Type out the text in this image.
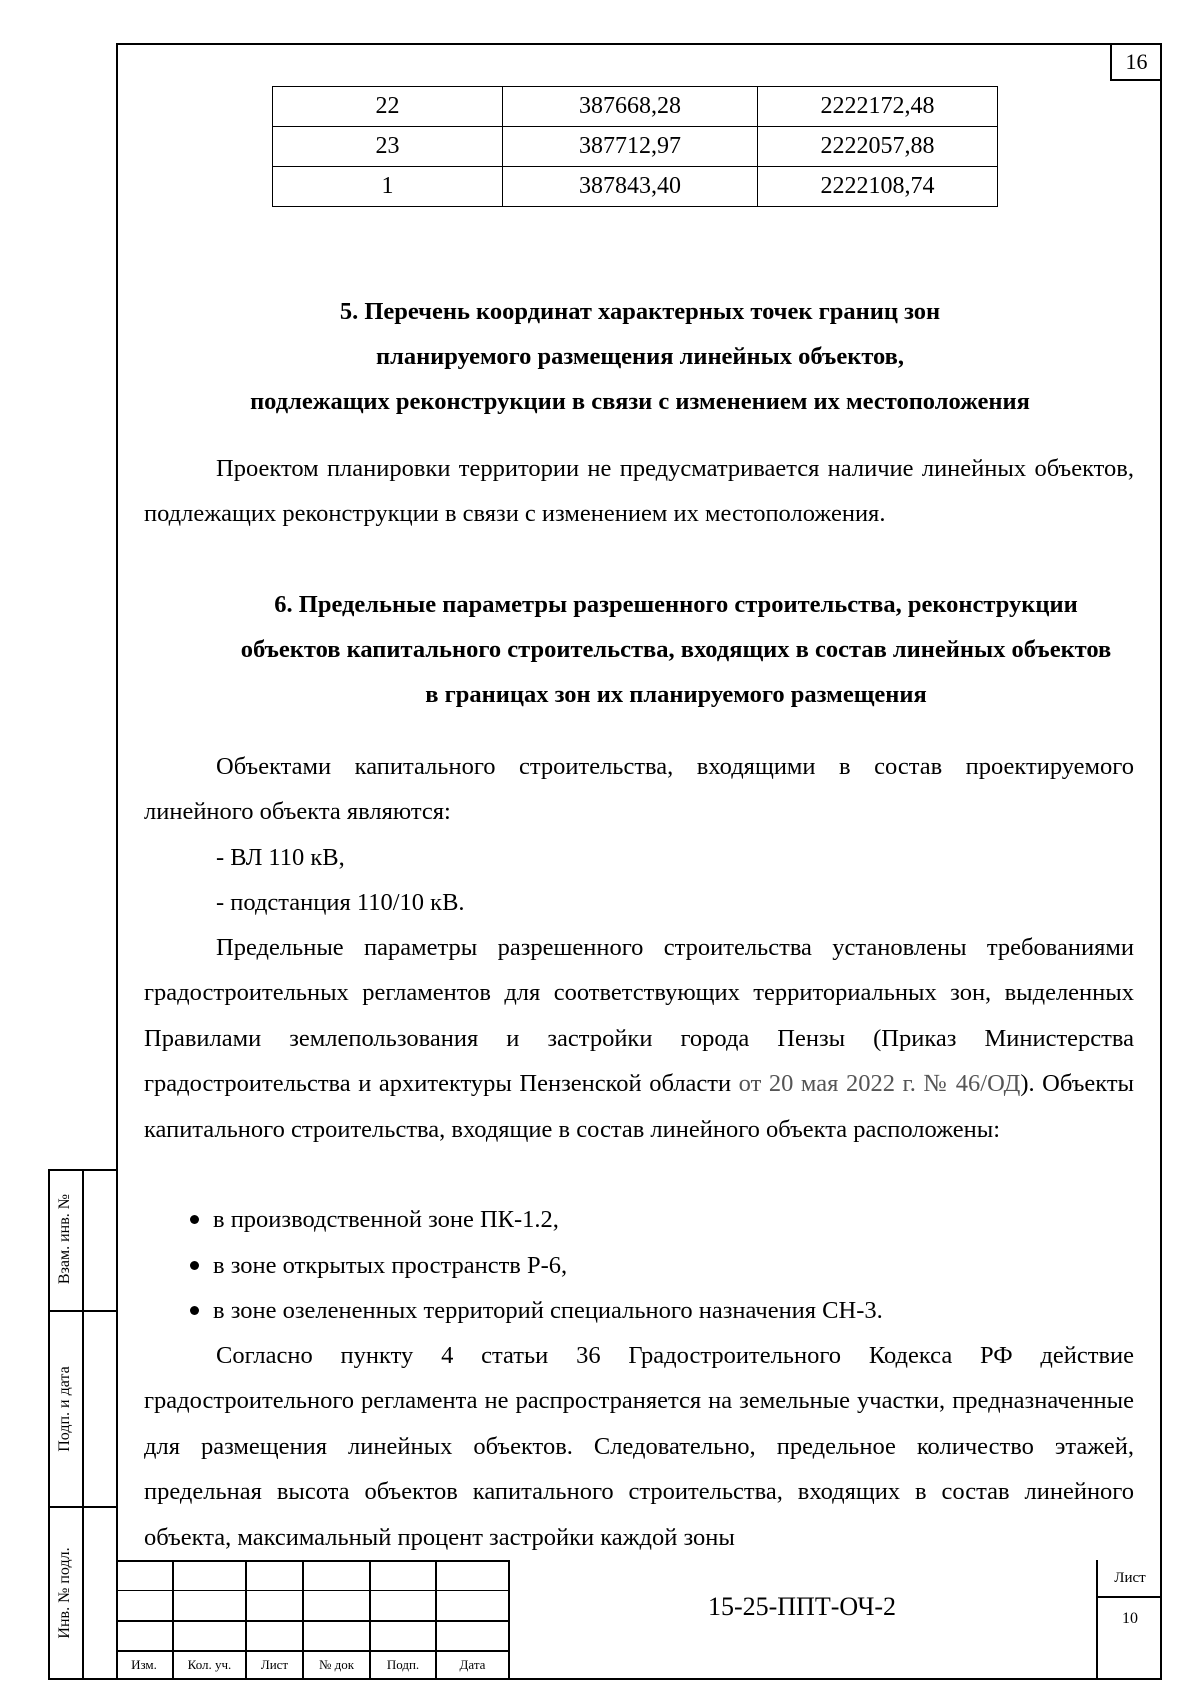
16
22	387668,28	2222172,48
23	387712,97	2222057,88
1	387843,40	2222108,74
5. Перечень координат характерных точек границ зон
планируемого размещения линейных объектов,
подлежащих реконструкции в связи с изменением их местоположения
Проектом планировки территории не предусматривается наличие линейных объектов, подлежащих реконструкции в связи с изменением их местоположения.
6. Предельные параметры разрешенного строительства, реконструкции
объектов капитального строительства, входящих в состав линейных объектов
в границах зон их планируемого размещения
Объектами капитального строительства, входящими в состав проектируемого линейного объекта являются:
- ВЛ 110 кВ,
- подстанция 110/10 кВ.
Предельные параметры разрешенного строительства установлены требованиями градостроительных регламентов для соответствующих территориальных зон, выделенных Правилами землепользования и застройки города Пензы (Приказ Министерства градостроительства и архитектуры Пензенской области от 20 мая 2022 г. № 46/ОД). Объекты капитального строительства, входящие в состав линейного объекта расположены:
в производственной зоне ПК-1.2,
в зоне открытых пространств Р-6,
в зоне озелененных территорий специального назначения СН-3.
Согласно пункту 4 статьи 36 Градостроительного Кодекса РФ действие градостроительного регламента не распространяется на земельные участки, предназначенные для размещения линейных объектов. Следовательно, предельное количество этажей, предельная высота объектов капитального строительства, входящих в состав линейного объекта, максимальный процент застройки каждой зоны
Взам. инв. №
Подп. и дата
Инв. № подл.
Изм.	Кол. уч.	Лист	№ док	Подп.	Дата
15-25-ППТ-ОЧ-2
Лист
10
